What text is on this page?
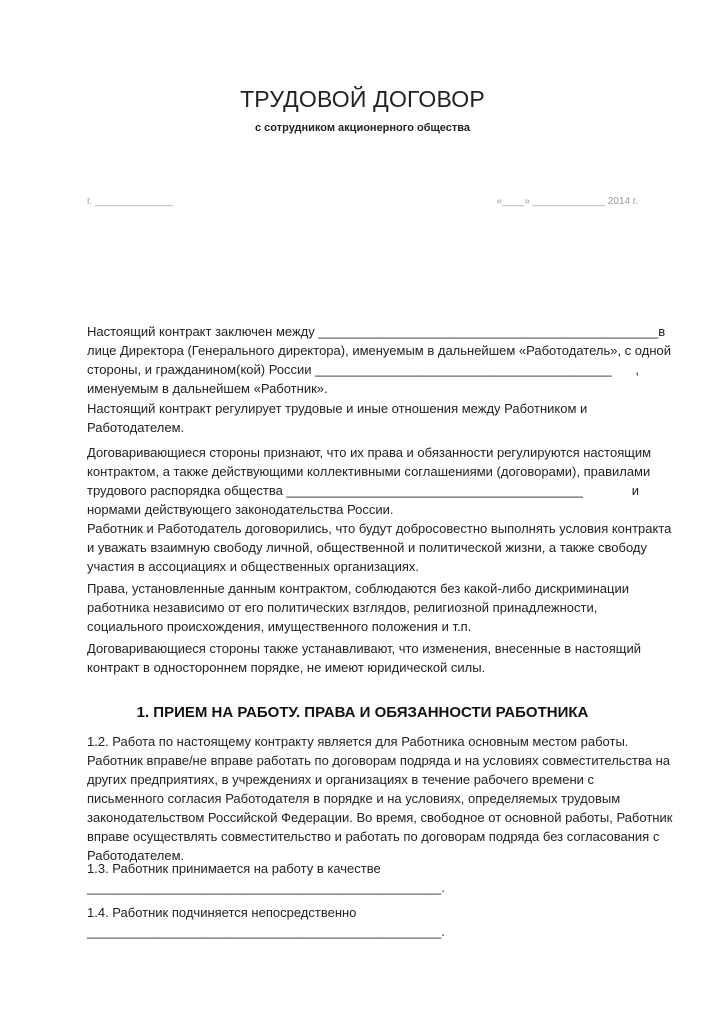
ТРУДОВОЙ ДОГОВОР
с сотрудником акционерного общества
г. ______________	«____» _____________ 2014 г.
Настоящий контракт заключен между _______________________________________________ в
лице Директора (Генерального директора), именуемым в дальнейшем «Работодатель», с одной
стороны, и гражданином(кой) России _________________________________________ ,
именуемым в дальнейшем «Работник».
Настоящий контракт регулирует трудовые и иные отношения между Работником и
Работодателем.
Договаривающиеся стороны признают, что их права и обязанности регулируются настоящим
контрактом, а также действующими коллективными соглашениями (договорами), правилами
трудового распорядка общества _________________________________________	и
нормами действующего законодательства России.
Работник и Работодатель договорились, что будут добросовестно выполнять условия контракта
и уважать взаимную свободу личной, общественной и политической жизни, а также свободу
участия в ассоциациях и общественных организациях.
Права, установленные данным контрактом, соблюдаются без какой-либо дискриминации
работника независимо от его политических взглядов, религиозной принадлежности,
социального происхождения, имущественного положения и т.п.
Договаривающиеся стороны также устанавливают, что изменения, внесенные в настоящий
контракт в одностороннем порядке, не имеют юридической силы.
1. ПРИЕМ НА РАБОТУ. ПРАВА И ОБЯЗАННОСТИ РАБОТНИКА
1.2. Работа по настоящему контракту является для Работника основным местом работы.
Работник вправе/не вправе работать по договорам подряда и на условиях совместительства на
других предприятиях, в учреждениях и организациях в течение рабочего времени с
письменного согласия Работодателя в порядке и на условиях, определяемых трудовым
законодательством Российской Федерации. Во время, свободное от основной работы, Работник
вправе осуществлять совместительство и работать по договорам подряда без согласования с
Работодателем.
1.3. Работник принимается на работу в качестве
_________________________________________________.
1.4. Работник подчиняется непосредственно
_________________________________________________.
